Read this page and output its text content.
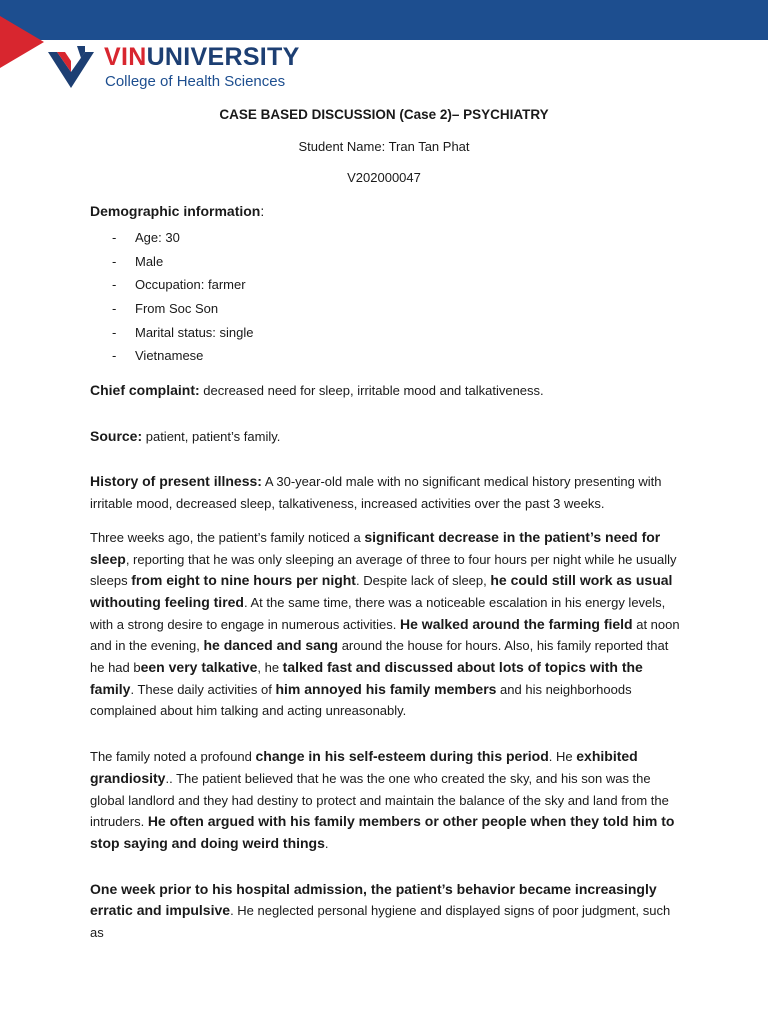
VINUNIVERSITY
College of Health Sciences

CASE BASED DISCUSSION (Case 2)– PSYCHIATRY

Student Name: Tran Tan Phat

V202000047

Demographic information:
- Age: 30
- Male
- Occupation: farmer
- From Soc Son
- Marital status: single
- Vietnamese

Chief complaint: decreased need for sleep, irritable mood and talkativeness.

Source: patient, patient’s family.

History of present illness: A 30-year-old male with no significant medical history presenting with irritable mood, decreased sleep, talkativeness, increased activities over the past 3 weeks.

Three weeks ago, the patient’s family noticed a significant decrease in the patient’s need for sleep, reporting that he was only sleeping an average of three to four hours per night while he usually sleeps from eight to nine hours per night. Despite lack of sleep, he could still work as usual withouting feeling tired. At the same time, there was a noticeable escalation in his energy levels, with a strong desire to engage in numerous activities. He walked around the farming field at noon and in the evening, he danced and sang around the house for hours. Also, his family reported that he had been very talkative, he talked fast and discussed about lots of topics with the family. These daily activities of him annoyed his family members and his neighborhoods complained about him talking and acting unreasonably.

The family noted a profound change in his self-esteem during this period. He exhibited grandiosity.. The patient believed that he was the one who created the sky, and his son was the global landlord and they had destiny to protect and maintain the balance of the sky and land from the intruders. He often argued with his family members or other people when they told him to stop saying and doing weird things.

One week prior to his hospital admission, the patient’s behavior became increasingly erratic and impulsive. He neglected personal hygiene and displayed signs of poor judgment, such as
